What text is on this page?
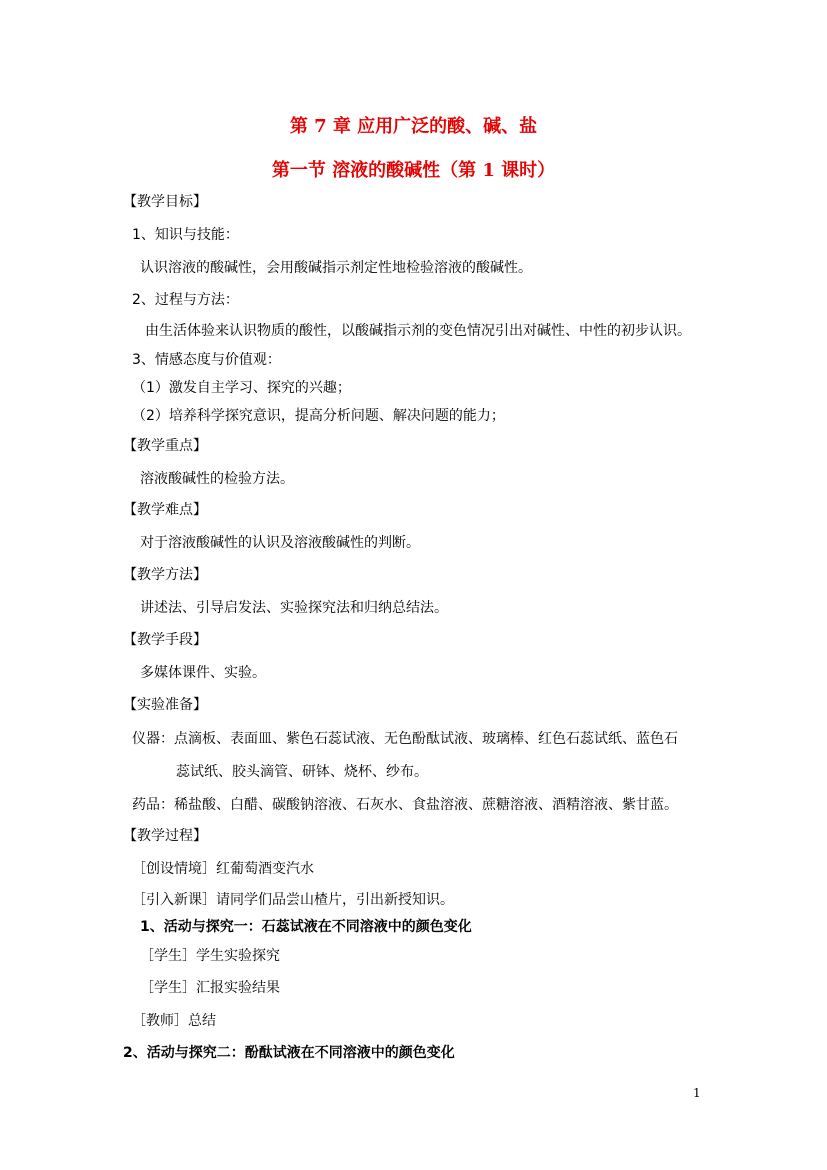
第 7 章 应用广泛的酸、碱、盐
第一节 溶液的酸碱性（第 1 课时）
【教学目标】
1、知识与技能：
认识溶液的酸碱性，会用酸碱指示剂定性地检验溶液的酸碱性。
2、过程与方法：
由生活体验来认识物质的酸性，以酸碱指示剂的变色情况引出对碱性、中性的初步认识。
3、情感态度与价值观：
（1）激发自主学习、探究的兴趣；
（2）培养科学探究意识，提高分析问题、解决问题的能力；
【教学重点】
溶液酸碱性的检验方法。
【教学难点】
对于溶液酸碱性的认识及溶液酸碱性的判断。
【教学方法】
讲述法、引导启发法、实验探究法和归纳总结法。
【教学手段】
多媒体课件、实验。
【实验准备】
仪器：点滴板、表面皿、紫色石蕊试液、无色酚酞试液、玻璃棒、红色石蕊试纸、蓝色石
蕊试纸、胶头滴管、研钵、烧杯、纱布。
药品：稀盐酸、白醋、碳酸钠溶液、石灰水、食盐溶液、蔗糖溶液、酒精溶液、紫甘蓝。
【教学过程】
［创设情境］红葡萄酒变汽水
［引入新课］请同学们品尝山楂片，引出新授知识。
1、活动与探究一：石蕊试液在不同溶液中的颜色变化
［学生］学生实验探究
［学生］汇报实验结果
［教师］总结
2、活动与探究二：酚酞试液在不同溶液中的颜色变化
1
